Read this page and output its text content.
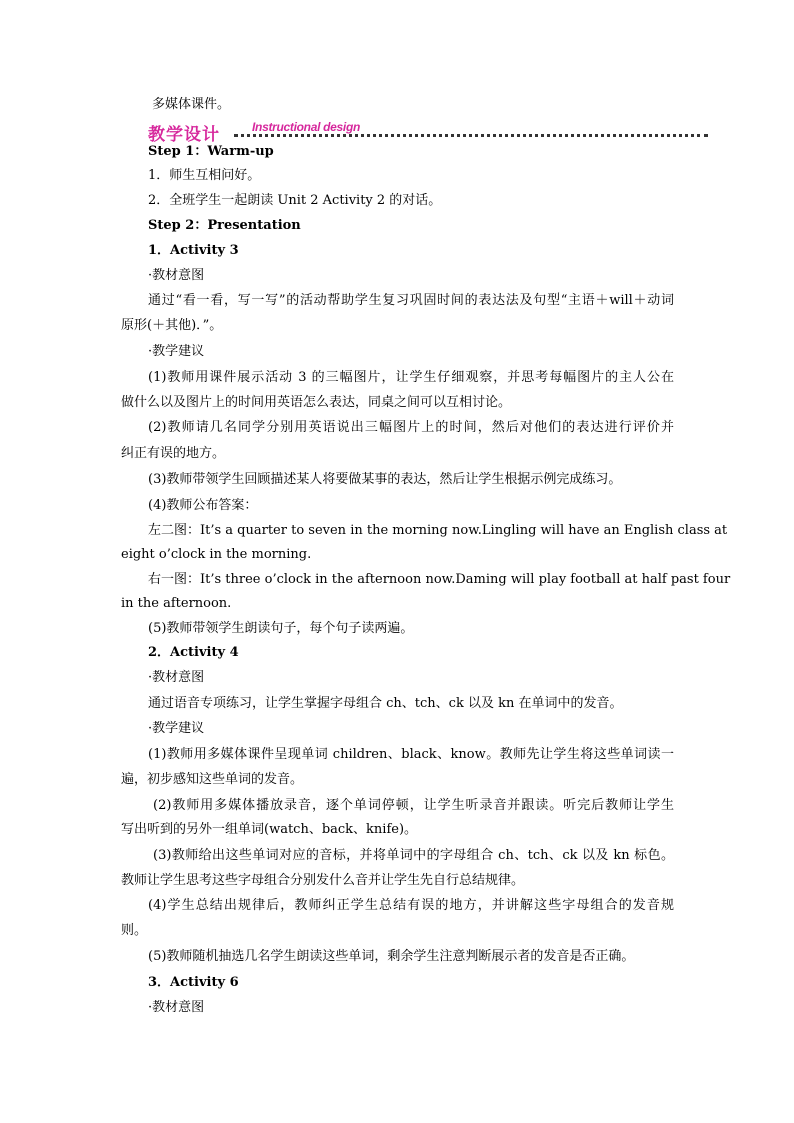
多媒体课件。
教学设计	Instructional design
Step 1：Warm-up
1．师生互相问好。
2．全班学生一起朗读 Unit 2 Activity 2 的对话。
Step 2：Presentation
1．Activity 3
·教材意图
通过“看一看，写一写”的活动帮助学生复习巩固时间的表达法及句型“主语＋will＋动词
原形(＋其他)．”。
·教学建议
(1)教师用课件展示活动 3 的三幅图片，让学生仔细观察，并思考每幅图片的主人公在
做什么以及图片上的时间用英语怎么表达，同桌之间可以互相讨论。
(2)教师请几名同学分别用英语说出三幅图片上的时间，然后对他们的表达进行评价并
纠正有误的地方。
(3)教师带领学生回顾描述某人将要做某事的表达，然后让学生根据示例完成练习。
(4)教师公布答案：
左二图：It’s a quarter to seven in the morning now.Lingling will have an English class at
eight o’clock in the morning.
右一图：It’s three o’clock in the afternoon now.Daming will play football at half past four
in the afternoon.
(5)教师带领学生朗读句子，每个句子读两遍。
2．Activity 4
·教材意图
通过语音专项练习，让学生掌握字母组合 ch、tch、ck 以及 kn 在单词中的发音。
·教学建议
(1)教师用多媒体课件呈现单词 children、black、know。教师先让学生将这些单词读一
遍，初步感知这些单词的发音。
(2)教师用多媒体播放录音，逐个单词停顿，让学生听录音并跟读。听完后教师让学生
写出听到的另外一组单词(watch、back、knife)。
(3)教师给出这些单词对应的音标，并将单词中的字母组合 ch、tch、ck 以及 kn 标色。
教师让学生思考这些字母组合分别发什么音并让学生先自行总结规律。
(4)学生总结出规律后，教师纠正学生总结有误的地方，并讲解这些字母组合的发音规
则。
(5)教师随机抽选几名学生朗读这些单词，剩余学生注意判断展示者的发音是否正确。
3．Activity 6
·教材意图
